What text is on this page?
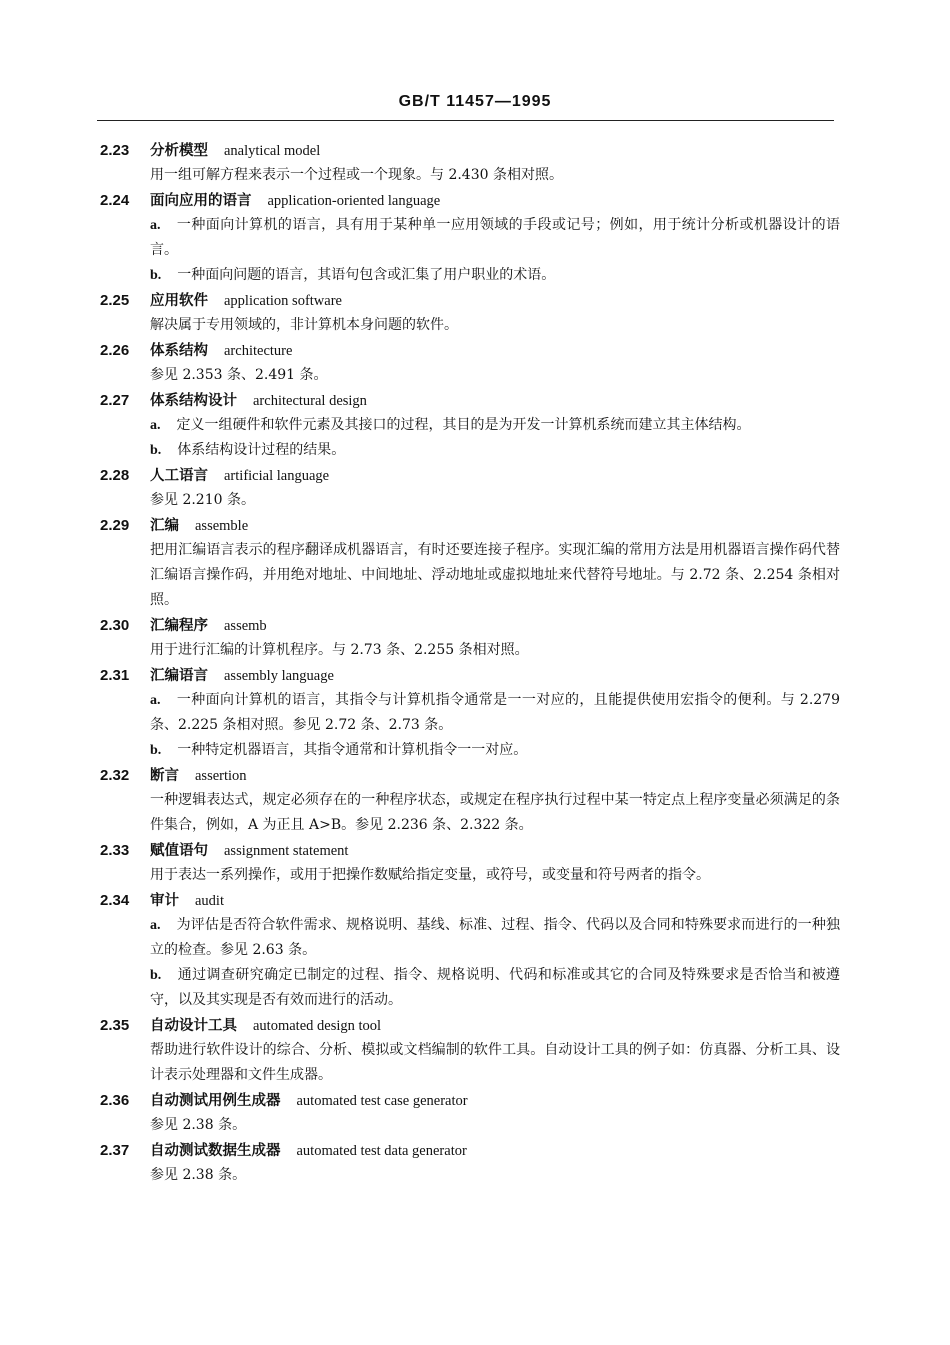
GB/T 11457—1995
2.23 分析模型 analytical model
用一组可解方程来表示一个过程或一个现象。与 2.430 条相对照。
2.24 面向应用的语言 application-oriented language
a. 一种面向计算机的语言，具有用于某种单一应用领域的手段或记号；例如，用于统计分析或机器设计的语言。
b. 一种面向问题的语言，其语句包含或汇集了用户职业的术语。
2.25 应用软件 application software
解决属于专用领域的，非计算机本身问题的软件。
2.26 体系结构 architecture
参见 2.353 条、2.491 条。
2.27 体系结构设计 architectural design
a. 定义一组硬件和软件元素及其接口的过程，其目的是为开发一计算机系统而建立其主体结构。
b. 体系结构设计过程的结果。
2.28 人工语言 artificial language
参见 2.210 条。
2.29 汇编 assemble
把用汇编语言表示的程序翻译成机器语言，有时还要连接子程序。实现汇编的常用方法是用机器语言操作码代替汇编语言操作码，并用绝对地址、中间地址、浮动地址或虚拟地址来代替符号地址。与 2.72 条、2.254 条相对照。
2.30 汇编程序 assemb
用于进行汇编的计算机程序。与 2.73 条、2.255 条相对照。
2.31 汇编语言 assembly language
a. 一种面向计算机的语言，其指令与计算机指令通常是一一对应的，且能提供使用宏指令的便利。与 2.279 条、2.225 条相对照。参见 2.72 条、2.73 条。
b. 一种特定机器语言，其指令通常和计算机指令一一对应。
2.32 断言 assertion
一种逻辑表达式，规定必须存在的一种程序状态，或规定在程序执行过程中某一特定点上程序变量必须满足的条件集合，例如，A 为正且 A>B。参见 2.236 条、2.322 条。
2.33 赋值语句 assignment statement
用于表达一系列操作，或用于把操作数赋给指定变量，或符号，或变量和符号两者的指令。
2.34 审计 audit
a. 为评估是否符合软件需求、规格说明、基线、标准、过程、指令、代码以及合同和特殊要求而进行的一种独立的检查。参见 2.63 条。
b. 通过调查研究确定已制定的过程、指令、规格说明、代码和标准或其它的合同及特殊要求是否恰当和被遵守，以及其实现是否有效而进行的活动。
2.35 自动设计工具 automated design tool
帮助进行软件设计的综合、分析、模拟或文档编制的软件工具。自动设计工具的例子如：仿真器、分析工具、设计表示处理器和文件生成器。
2.36 自动测试用例生成器 automated test case generator
参见 2.38 条。
2.37 自动测试数据生成器 automated test data generator
参见 2.38 条。
